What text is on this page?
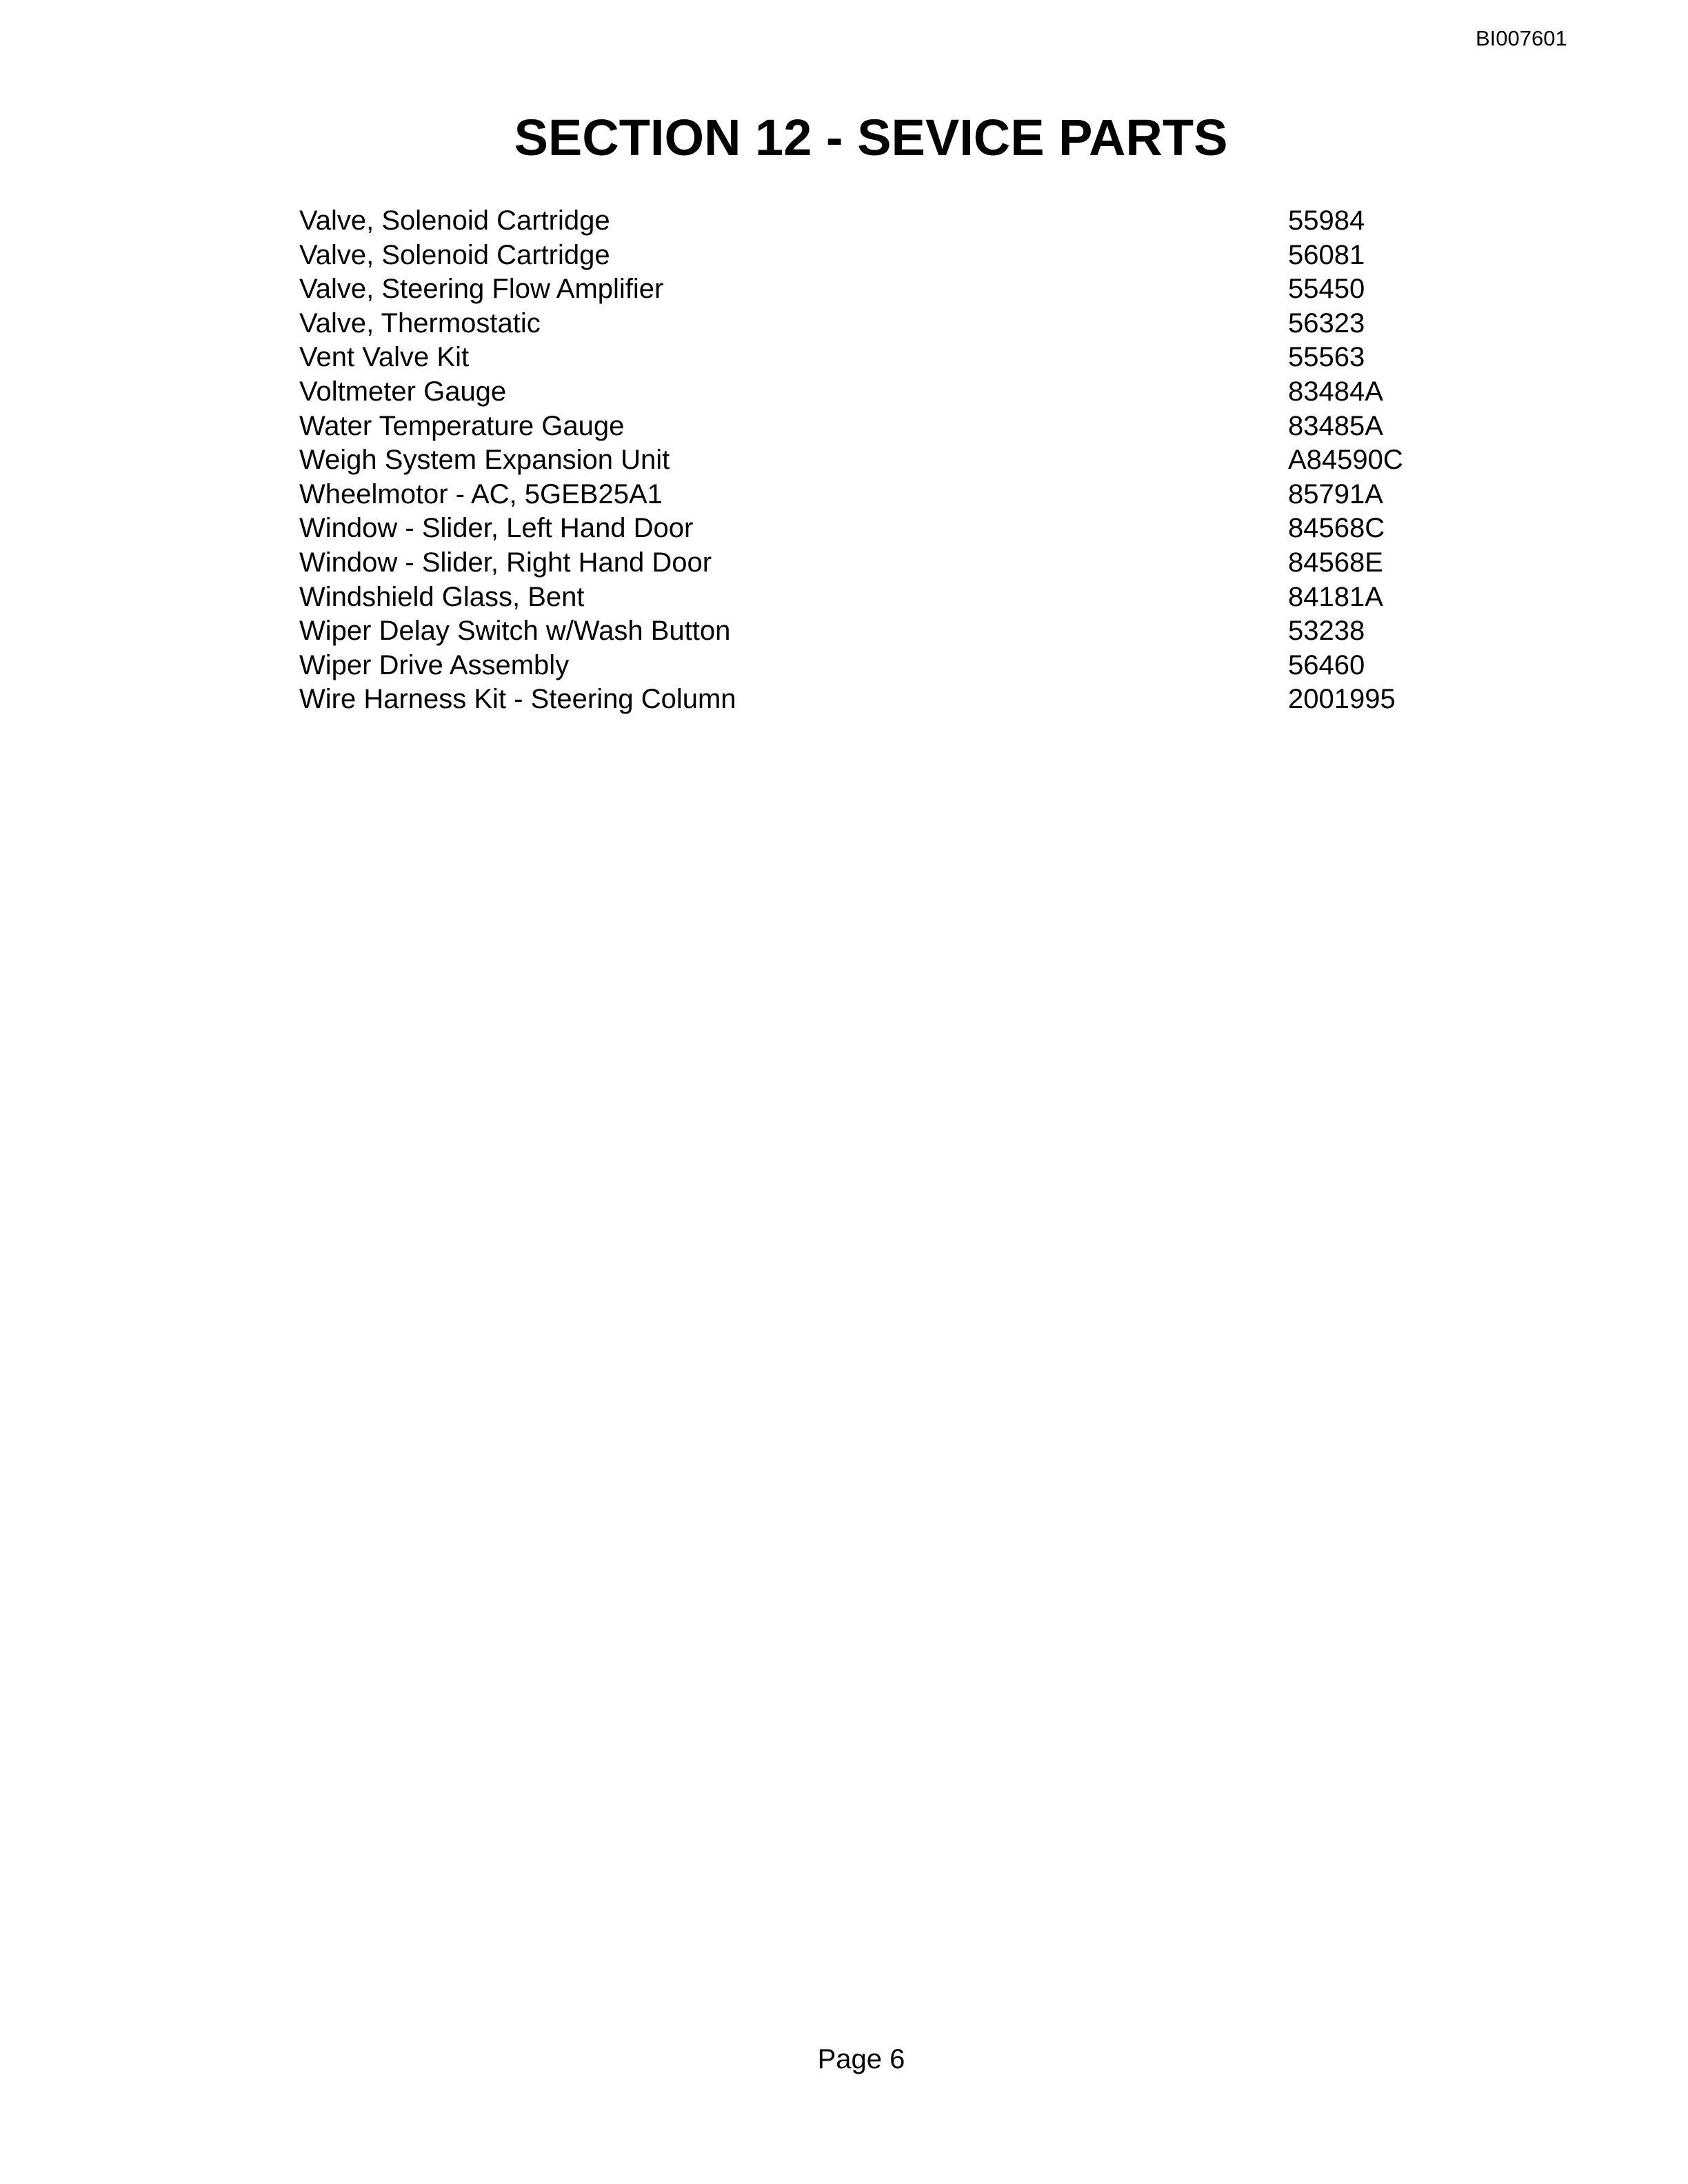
BI007601
SECTION 12 - SEVICE PARTS
Valve, Solenoid Cartridge	55984
Valve, Solenoid Cartridge	56081
Valve, Steering Flow Amplifier	55450
Valve, Thermostatic	56323
Vent Valve Kit	55563
Voltmeter Gauge	83484A
Water Temperature Gauge	83485A
Weigh System Expansion Unit	A84590C
Wheelmotor - AC, 5GEB25A1	85791A
Window - Slider, Left Hand Door	84568C
Window - Slider, Right Hand Door	84568E
Windshield Glass, Bent	84181A
Wiper Delay Switch w/Wash Button	53238
Wiper Drive Assembly	56460
Wire Harness Kit - Steering Column	2001995
Page 6
